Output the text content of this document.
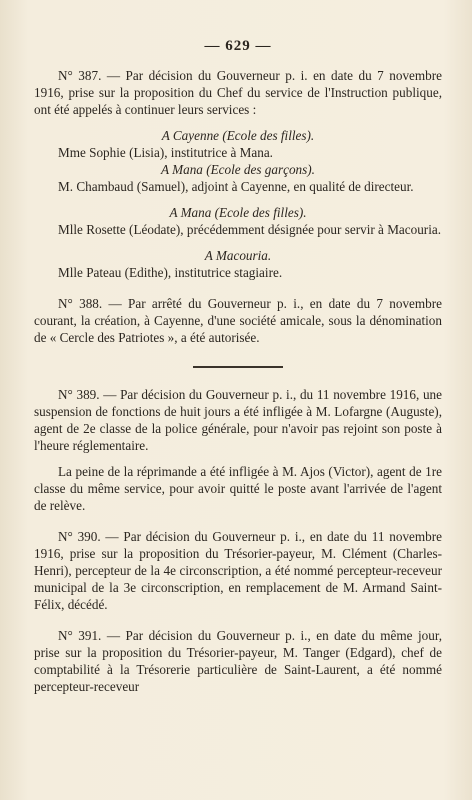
— 629 —

N° 387. — Par décision du Gouverneur p. i. en date du 7 novembre 1916, prise sur la proposition du Chef du service de l'Instruction publique, ont été appelés à continuer leurs services :

A Cayenne (Ecole des filles).

Mme Sophie (Lisia), institutrice à Mana.

A Mana (Ecole des garçons).

M. Chambaud (Samuel), adjoint à Cayenne, en qualité de directeur.

A Mana (Ecole des filles).

Mlle Rosette (Léodate), précédemment désignée pour servir à Macouria.

A Macouria.

Mlle Pateau (Edithe), institutrice stagiaire.

N° 388. — Par arrêté du Gouverneur p. i., en date du 7 novembre courant, la création, à Cayenne, d'une société amicale, sous la dénomination de « Cercle des Patriotes », a été autorisée.

N° 389. — Par décision du Gouverneur p. i., du 11 novembre 1916, une suspension de fonctions de huit jours a été infligée à M. Lofargne (Auguste), agent de 2e classe de la police générale, pour n'avoir pas rejoint son poste à l'heure réglementaire.

La peine de la réprimande a été infligée à M. Ajos (Victor), agent de 1re classe du même service, pour avoir quitté le poste avant l'arrivée de l'agent de relève.

N° 390. — Par décision du Gouverneur p. i., en date du 11 novembre 1916, prise sur la proposition du Trésorier-payeur, M. Clément (Charles-Henri), percepteur de la 4e circonscription, a été nommé percepteur-receveur municipal de la 3e circonscription, en remplacement de M. Armand Saint-Félix, décédé.

N° 391. — Par décision du Gouverneur p. i., en date du même jour, prise sur la proposition du Trésorier-payeur, M. Tanger (Edgard), chef de comptabilité à la Trésorerie particulière de Saint-Laurent, a été nommé percepteur-receveur
